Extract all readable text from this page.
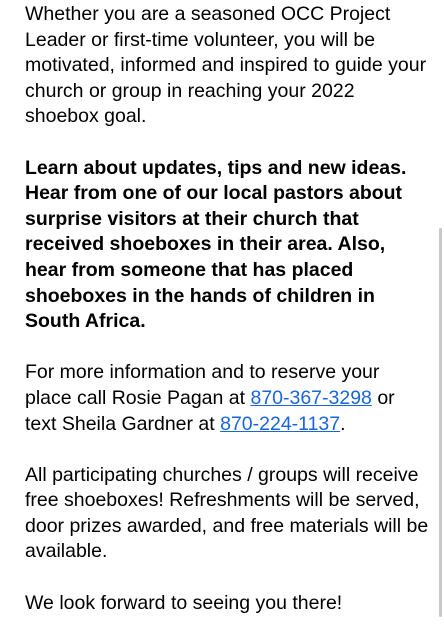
Whether you are a seasoned OCC Project Leader or first-time volunteer, you will be motivated, informed and inspired to guide your church or group in reaching your 2022 shoebox goal.

Learn about updates, tips and new ideas. Hear from one of our local pastors about surprise visitors at their church that received shoeboxes in their area. Also, hear from someone that has placed shoeboxes in the hands of children in South Africa.

For more information and to reserve your place call Rosie Pagan at 870-367-3298 or text Sheila Gardner at 870-224-1137.

All participating churches / groups will receive free shoeboxes! Refreshments will be served, door prizes awarded, and free materials will be available.

We look forward to seeing you there!
